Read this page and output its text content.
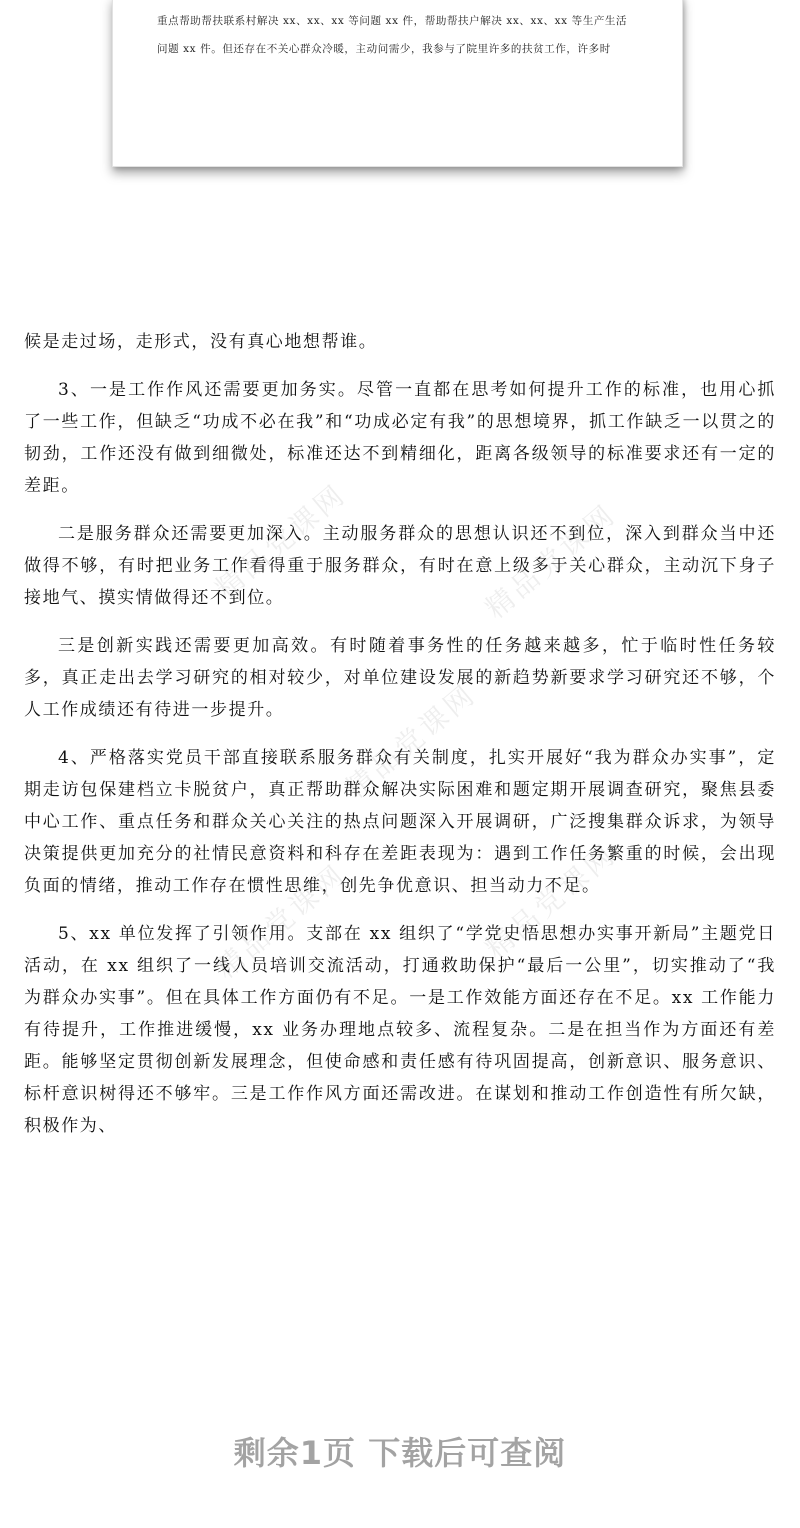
重点帮助帮扶联系村解决 xx、xx、xx 等问题 xx 件，帮助帮扶户解决 xx、xx、xx 等生产生活
问题 xx 件。但还存在不关心群众冷暖，主动问需少，我参与了院里许多的扶贫工作，许多时
精品党课网	精品党课网
精品党课网
精品党课网	精品党课网

候是走过场，走形式，没有真心地想帮谁。

3、一是工作作风还需要更加务实。尽管一直都在思考如何提升工作的标准，也用心抓了一些工作，但缺乏“功成不必在我”和“功成必定有我”的思想境界，抓工作缺乏一以贯之的韧劲，工作还没有做到细微处，标准还达不到精细化，距离各级领导的标准要求还有一定的差距。

二是服务群众还需要更加深入。主动服务群众的思想认识还不到位，深入到群众当中还做得不够，有时把业务工作看得重于服务群众，有时在意上级多于关心群众，主动沉下身子接地气、摸实情做得还不到位。

三是创新实践还需要更加高效。有时随着事务性的任务越来越多，忙于临时性任务较多，真正走出去学习研究的相对较少，对单位建设发展的新趋势新要求学习研究还不够，个人工作成绩还有待进一步提升。

4、严格落实党员干部直接联系服务群众有关制度，扎实开展好“我为群众办实事”，定期走访包保建档立卡脱贫户，真正帮助群众解决实际困难和题定期开展调查研究，聚焦县委中心工作、重点任务和群众关心关注的热点问题深入开展调研，广泛搜集群众诉求，为领导决策提供更加充分的社情民意资料和科存在差距表现为：遇到工作任务繁重的时候，会出现负面的情绪，推动工作存在惯性思维，创先争优意识、担当动力不足。

5、xx 单位发挥了引领作用。支部在 xx 组织了“学党史悟思想办实事开新局”主题党日活动，在 xx 组织了一线人员培训交流活动，打通救助保护“最后一公里”，切实推动了“我为群众办实事”。但在具体工作方面仍有不足。一是工作效能方面还存在不足。xx 工作能力有待提升，工作推进缓慢，xx 业务办理地点较多、流程复杂。二是在担当作为方面还有差距。能够坚定贯彻创新发展理念，但使命感和责任感有待巩固提高，创新意识、服务意识、标杆意识树得还不够牢。三是工作作风方面还需改进。在谋划和推动工作创造性有所欠缺，积极作为、

剩余1页 下载后可查阅
